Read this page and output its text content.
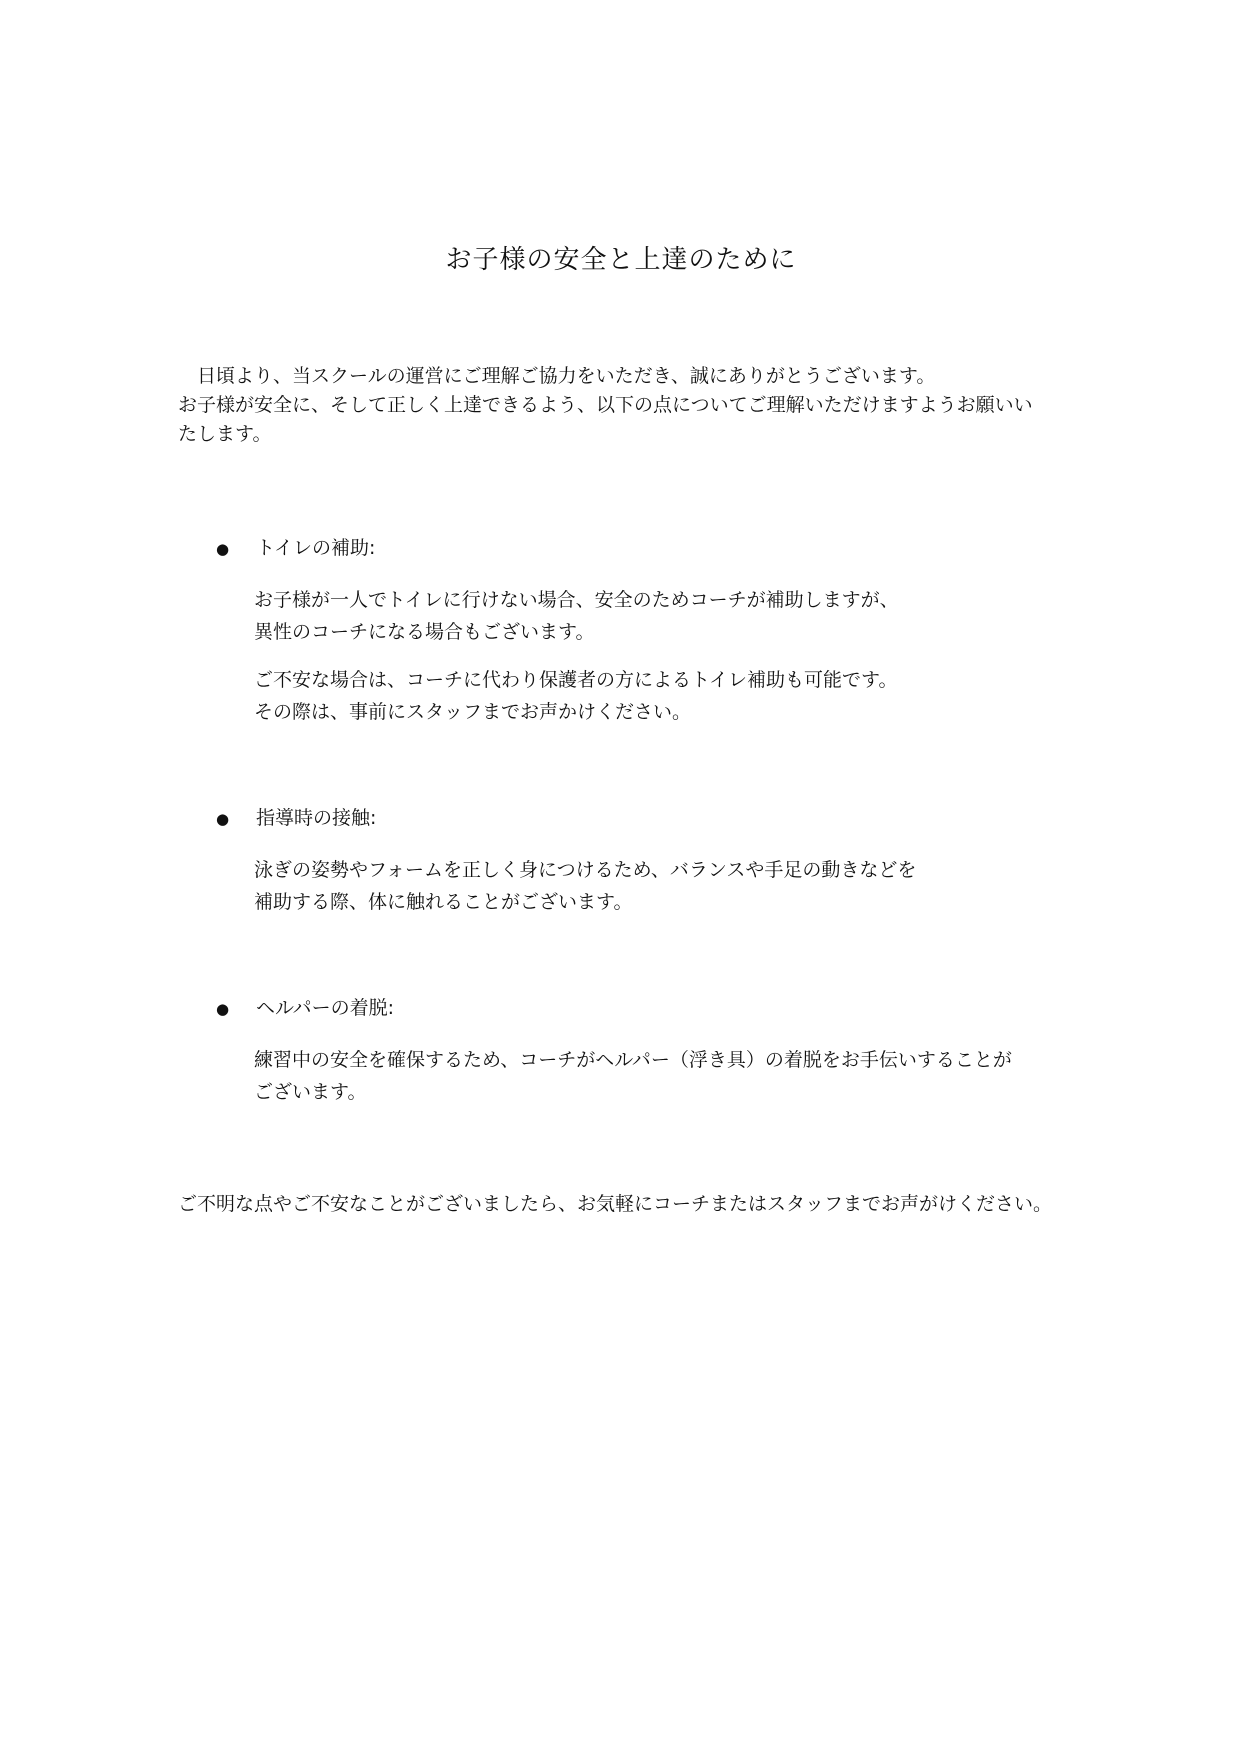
お子様の安全と上達のために

　日頃より、当スクールの運営にご理解ご協力をいただき、誠にありがとうございます。

お子様が安全に、そして正しく上達できるよう、以下の点についてご理解いただけますようお願いい

たします。

● トイレの補助:

お子様が一人でトイレに行けない場合、安全のためコーチが補助しますが、

異性のコーチになる場合もございます。

ご不安な場合は、コーチに代わり保護者の方によるトイレ補助も可能です。

その際は、事前にスタッフまでお声かけください。

● 指導時の接触:

泳ぎの姿勢やフォームを正しく身につけるため、バランスや手足の動きなどを

補助する際、体に触れることがございます。

● ヘルパーの着脱:

練習中の安全を確保するため、コーチがヘルパー（浮き具）の着脱をお手伝いすることが

ございます。

ご不明な点やご不安なことがございましたら、お気軽にコーチまたはスタッフまでお声がけください。
